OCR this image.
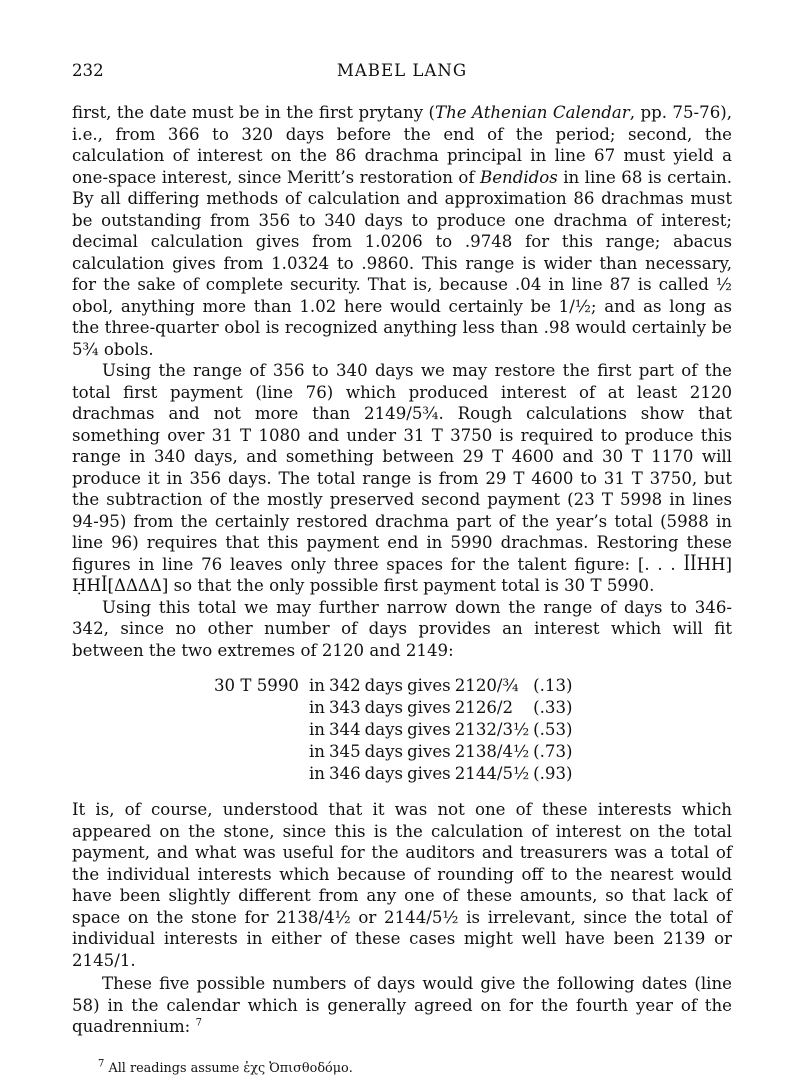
232	MABEL LANG

first, the date must be in the first prytany (The Athenian Calendar, pp. 75-76), i.e., from 366 to 320 days before the end of the period; second, the calculation of interest on the 86 drachma principal in line 67 must yield a one-space interest, since Meritt’s restoration of Bendidos in line 68 is certain. By all differing methods of calculation and approximation 86 drachmas must be outstanding from 356 to 340 days to produce one drachma of interest; decimal calculation gives from 1.0206 to .9748 for this range; abacus calculation gives from 1.0324 to .9860. This range is wider than necessary, for the sake of complete security. That is, because .04 in line 87 is called ½ obol, anything more than 1.02 here would certainly be 1/½; and as long as the three-quarter obol is recognized anything less than .98 would certainly be 5¾ obols.

Using the range of 356 to 340 days we may restore the first part of the total first payment (line 76) which produced interest of at least 2120 drachmas and not more than 2149/5¾. Rough calculations show that something over 31 T 1080 and under 31 T 3750 is required to produce this range in 340 days, and something between 29 T 4600 and 30 T 1170 will produce it in 356 days. The total range is from 29 T 4600 to 31 T 3750, but the subtraction of the mostly preserved second payment (23 T 5998 in lines 94-95) from the certainly restored drachma part of the year’s total (5988 in line 96) requires that this payment end in 5990 drachmas. Restoring these figures in line 76 leaves only three spaces for the talent figure: [. . . ꟾꟾHH] ḤHꟾ[ΔΔΔΔ] so that the only possible first payment total is 30 T 5990.

Using this total we may further narrow down the range of days to 346-342, since no other number of days provides an interest which will fit between the two extremes of 2120 and 2149:

30 T 5990	in	342	days	gives	2120/¾	(.13)
	in	343	days	gives	2126/2	(.33)
	in	344	days	gives	2132/3½	(.53)
	in	345	days	gives	2138/4½	(.73)
	in	346	days	gives	2144/5½	(.93)

It is, of course, understood that it was not one of these interests which appeared on the stone, since this is the calculation of interest on the total payment, and what was useful for the auditors and treasurers was a total of the individual interests which because of rounding off to the nearest would have been slightly different from any one of these amounts, so that lack of space on the stone for 2138/4½ or 2144/5½ is irrelevant, since the total of individual interests in either of these cases might well have been 2139 or 2145/1.

These five possible numbers of days would give the following dates (line 58) in the calendar which is generally agreed on for the fourth year of the quadrennium: $^7$

$^7$ All readings assume ἐχς Ὀπισθοδόμο.
